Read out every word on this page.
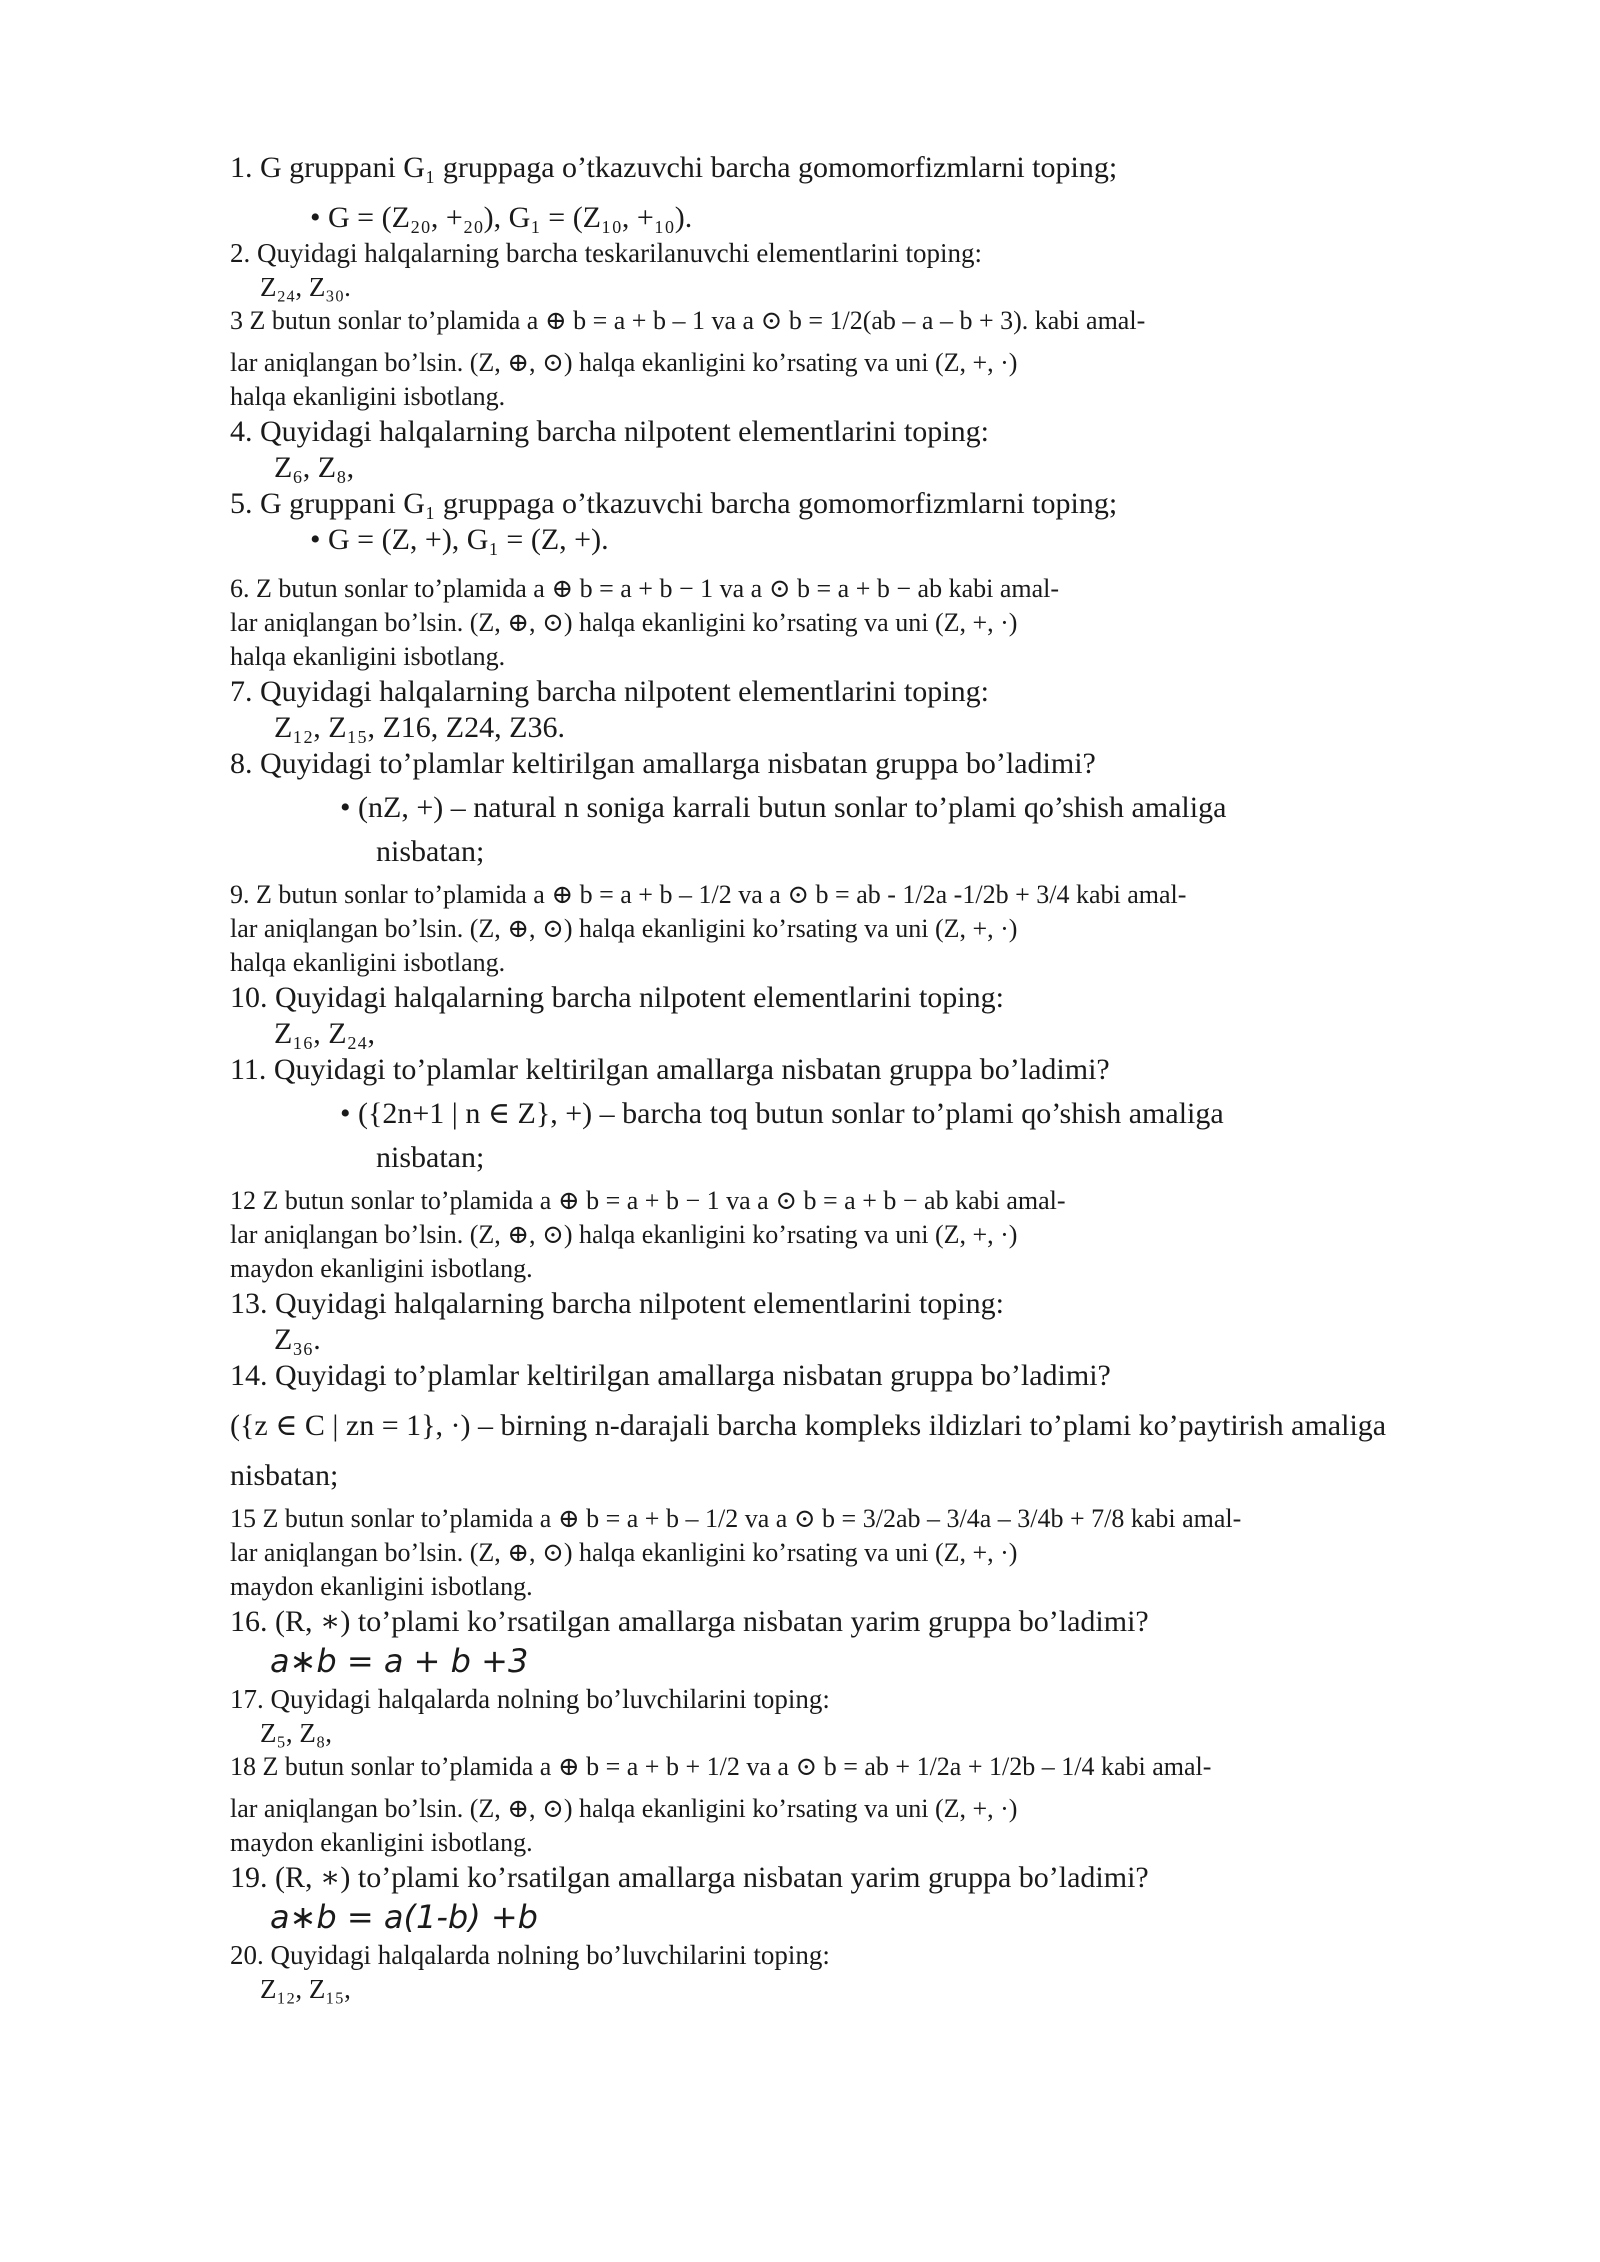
1. G gruppani G₁ gruppaga o’tkazuvchi barcha gomomorfizmlarni toping;

• G = (Z₂₀, +₂₀), G₁ = (Z₁₀, +₁₀).

2. Quyidagi halqalarning barcha teskarilanuvchi elementlarini toping:

Z₂₄, Z₃₀.

3 Z butun sonlar to’plamida a ⊕ b = a + b – 1 va a ⊙ b = 1/2(ab – a – b + 3). kabi amal-

lar aniqlangan bo’lsin. (Z, ⊕, ⊙) halqa ekanligini ko’rsating va uni (Z, +, ·)

halqa ekanligini isbotlang.

4. Quyidagi halqalarning barcha nilpotent elementlarini toping:

Z₆, Z₈,

5. G gruppani G₁ gruppaga o’tkazuvchi barcha gomomorfizmlarni toping;

• G = (Z, +), G₁ = (Z, +).

6. Z butun sonlar to’plamida a ⊕ b = a + b − 1 va a ⊙ b = a + b − ab kabi amal-

lar aniqlangan bo’lsin. (Z, ⊕, ⊙) halqa ekanligini ko’rsating va uni (Z, +, ·)

halqa ekanligini isbotlang.

7. Quyidagi halqalarning barcha nilpotent elementlarini toping:

Z₁₂, Z₁₅, Z16, Z24, Z36.

8. Quyidagi to’plamlar keltirilgan amallarga nisbatan gruppa bo’ladimi?

• (nZ, +) – natural n soniga karrali butun sonlar to’plami qo’shish amaliga

nisbatan;

9. Z butun sonlar to’plamida a ⊕ b = a + b – 1/2 va a ⊙ b = ab - 1/2a -1/2b + 3/4 kabi amal-

lar aniqlangan bo’lsin. (Z, ⊕, ⊙) halqa ekanligini ko’rsating va uni (Z, +, ·)

halqa ekanligini isbotlang.

10. Quyidagi halqalarning barcha nilpotent elementlarini toping:

Z₁₆, Z₂₄,

11. Quyidagi to’plamlar keltirilgan amallarga nisbatan gruppa bo’ladimi?

• ({2n+1 | n ∈ Z}, +) – barcha toq butun sonlar to’plami qo’shish amaliga

nisbatan;

12 Z butun sonlar to’plamida a ⊕ b = a + b − 1 va a ⊙ b = a + b − ab kabi amal-

lar aniqlangan bo’lsin. (Z, ⊕, ⊙) halqa ekanligini ko’rsating va uni (Z, +, ·)

maydon ekanligini isbotlang.

13. Quyidagi halqalarning barcha nilpotent elementlarini toping:

Z₃₆.

14. Quyidagi to’plamlar keltirilgan amallarga nisbatan gruppa bo’ladimi?

({z ∈ C | zn = 1}, ·) – birning n-darajali barcha kompleks ildizlari to’plami ko’paytirish amaliga

nisbatan;

15 Z butun sonlar to’plamida a ⊕ b = a + b – 1/2 va a ⊙ b = 3/2ab – 3/4a – 3/4b + 7/8 kabi amal-

lar aniqlangan bo’lsin. (Z, ⊕, ⊙) halqa ekanligini ko’rsating va uni (Z, +, ·)

maydon ekanligini isbotlang.

16. (R, ∗) to’plami ko’rsatilgan amallarga nisbatan yarim gruppa bo’ladimi?

a∗b = a + b +3

17. Quyidagi halqalarda nolning bo’luvchilarini toping:

Z₅, Z₈,

18 Z butun sonlar to’plamida a ⊕ b = a + b + 1/2 va a ⊙ b = ab + 1/2a + 1/2b – 1/4 kabi amal-

lar aniqlangan bo’lsin. (Z, ⊕, ⊙) halqa ekanligini ko’rsating va uni (Z, +, ·)

maydon ekanligini isbotlang.

19. (R, ∗) to’plami ko’rsatilgan amallarga nisbatan yarim gruppa bo’ladimi?

a∗b = a(1-b) +b

20. Quyidagi halqalarda nolning bo’luvchilarini toping:

Z₁₂, Z₁₅,
